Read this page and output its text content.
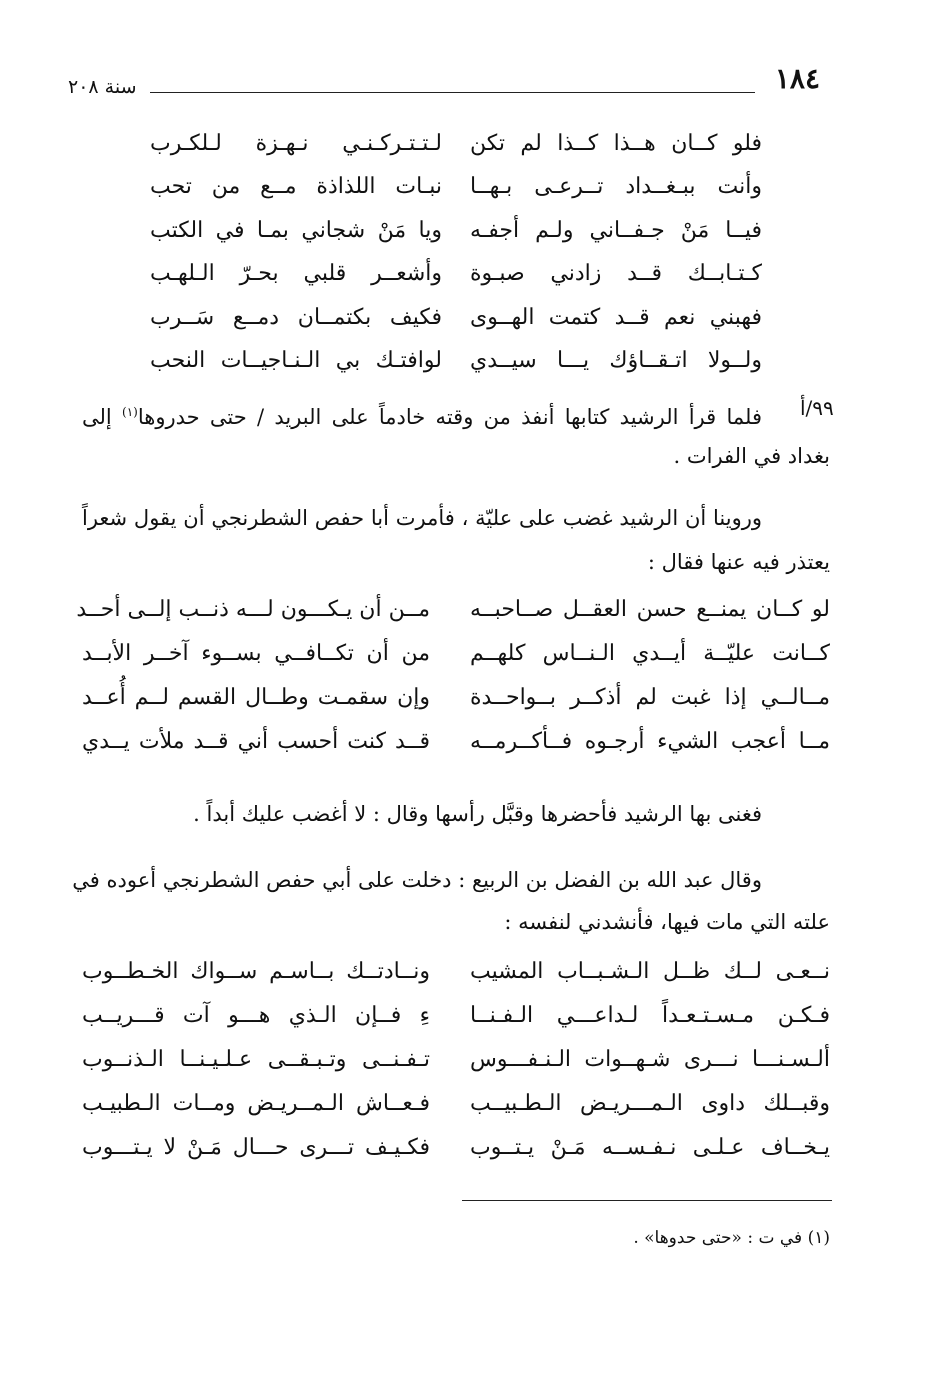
١٨٤
سنة ٢٠٨
فلو كــان هــذا كــذا لم تكن
لـتـتـركـنـي نـهـزة لـلكـرب
وأنت ببـغــداد تــرعـى بـهــا
نبـات اللذاذة مــع من تحب
فيــا مَنْ جـفــاني ولـم أجفـه
ويا مَنْ شجاني بمـا في الكتب
كـتـابــك قــد زادني صبـوة
وأشعــر قلبي بحـرّ الـلهـب
فهبني نعم قــد كتمت الهــوى
فكيف بكتمــان دمــع سَــرب
ولــولا اتـقــاؤك يـــا سيــدي
لوافتـك بي الـنـاجيــات النحب
٩٩/أ
فلما قرأ الرشيد كتابها أنفذ من وقته خادماً على البريد / حتى حدروها$^{(١)}$ إلى
بغداد في الفرات .
وروينا أن الرشيد غضب على عليّة ، فأمرت أبا حفص الشطرنجي أن يقول شعراً
يعتذر فيه عنها فقال :
لو كــان يمنــع حسن العقــل صــاحبــه
مــن أن يـكـــون لـــه ذنــب إلــى أحــد
كــانت عليّــة أيــدي الـنــاس كلهــم
من أن تكــافــي بســوء آخــر الأبــد
مــالــي إذا غبت لم أذكــر بــواحــدة
وإن سقمـت وطــال القسم لــم أُعــد
مــا أعجب الشيء أرجـوه فــأكــرمــه
قــد كنت أحسب أني قــد ملأت يــدي
فغنى بها الرشيد فأحضرها وقبَّل رأسها وقال : لا أغضب عليك أبداً .
وقال عبد الله بن الفضل بن الربيع : دخلت على أبي حفص الشطرنجي أعوده في
علته التي مات فيها، فأنشدني لنفسه :
نــعـى لــك ظــل الـشـبــاب المشيب
ونــادتــك بــاسـم ســواك الخـطــوب
فـكـن مـسـتـعـداً لـداعـــي الـفـنــا
ءِ فــإن الـذي هـــو آت قـــريــب
ألـسـنـــا نـــرى شـهــوات الـنـفـــوس
تـفـنــى وتـبـقــى عـلـيـنــا الـذنــوب
وقبــلك داوى الـمـــريـض الـطـبيــب
فـعــاش الـمــريـض ومــات الـطبيـب
يـخــاف عـلـى نـفـســه مَـنْ يـتــوب
فكـيـف تـــرى حـــال مَـنْ لا يـتـــوب
(١) في ت : «حتى حدوها» .
